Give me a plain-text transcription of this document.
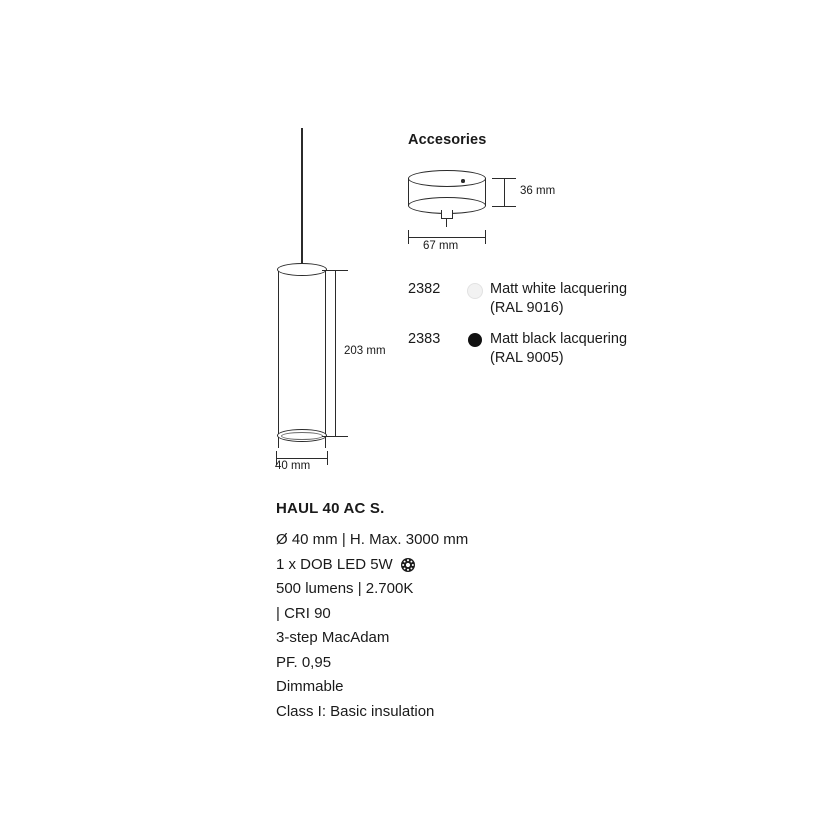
203 mm
40 mm
Accesories
36 mm
67 mm
2382	Matt white lacquering (RAL 9016)
2383	Matt black lacquering (RAL 9005)
HAUL 40 AC S.
Ø 40 mm | H. Max. 3000 mm
1 x DOB LED 5W
500 lumens | 2.700K
| CRI 90
3-step MacAdam
PF. 0,95
Dimmable
Class I: Basic insulation
